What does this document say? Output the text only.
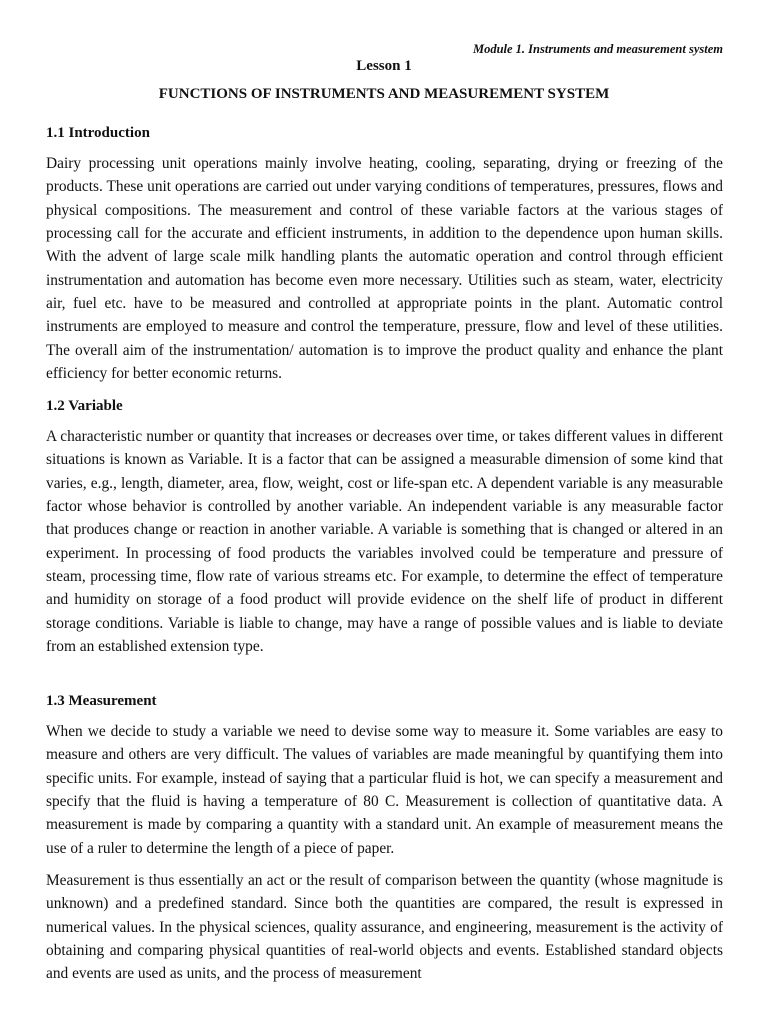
Module 1. Instruments and measurement system
Lesson 1
FUNCTIONS OF INSTRUMENTS AND MEASUREMENT SYSTEM
1.1 Introduction

Dairy processing unit operations mainly involve heating, cooling, separating, drying or freezing of the products. These unit operations are carried out under varying conditions of temperatures, pressures, flows and physical compositions. The measurement and control of these variable factors at the various stages of processing call for the accurate and efficient instruments, in addition to the dependence upon human skills. With the advent of large scale milk handling plants the automatic operation and control through efficient instrumentation and automation has become even more necessary. Utilities such as steam, water, electricity air, fuel etc. have to be measured and controlled at appropriate points in the plant. Automatic control instruments are employed to measure and control the temperature, pressure, flow and level of these utilities. The overall aim of the instrumentation/ automation is to improve the product quality and enhance the plant efficiency for better economic returns.

1.2 Variable

A characteristic number or quantity that increases or decreases over time, or takes different values in different situations is known as Variable. It is a factor that can be assigned a measurable dimension of some kind that varies, e.g., length, diameter, area, flow, weight, cost or life-span etc. A dependent variable is any measurable factor whose behavior is controlled by another variable. An independent variable is any measurable factor that produces change or reaction in another variable. A variable is something that is changed or altered in an experiment. In processing of food products the variables involved could be temperature and pressure of steam, processing time, flow rate of various streams etc. For example, to determine the effect of temperature and humidity on storage of a food product will provide evidence on the shelf life of product in different storage conditions. Variable is liable to change, may have a range of possible values and is liable to deviate from an established extension type.

1.3 Measurement

When we decide to study a variable we need to devise some way to measure it. Some variables are easy to measure and others are very difficult. The values of variables are made meaningful by quantifying them into specific units. For example, instead of saying that a particular fluid is hot, we can specify a measurement and specify that the fluid is having a temperature of 80 C. Measurement is collection of quantitative data. A measurement is made by comparing a quantity with a standard unit. An example of measurement means the use of a ruler to determine the length of a piece of paper.

Measurement is thus essentially an act or the result of comparison between the quantity (whose magnitude is unknown) and a predefined standard. Since both the quantities are compared, the result is expressed in numerical values. In the physical sciences, quality assurance, and engineering, measurement is the activity of obtaining and comparing physical quantities of real-world objects and events. Established standard objects and events are used as units, and the process of measurement
